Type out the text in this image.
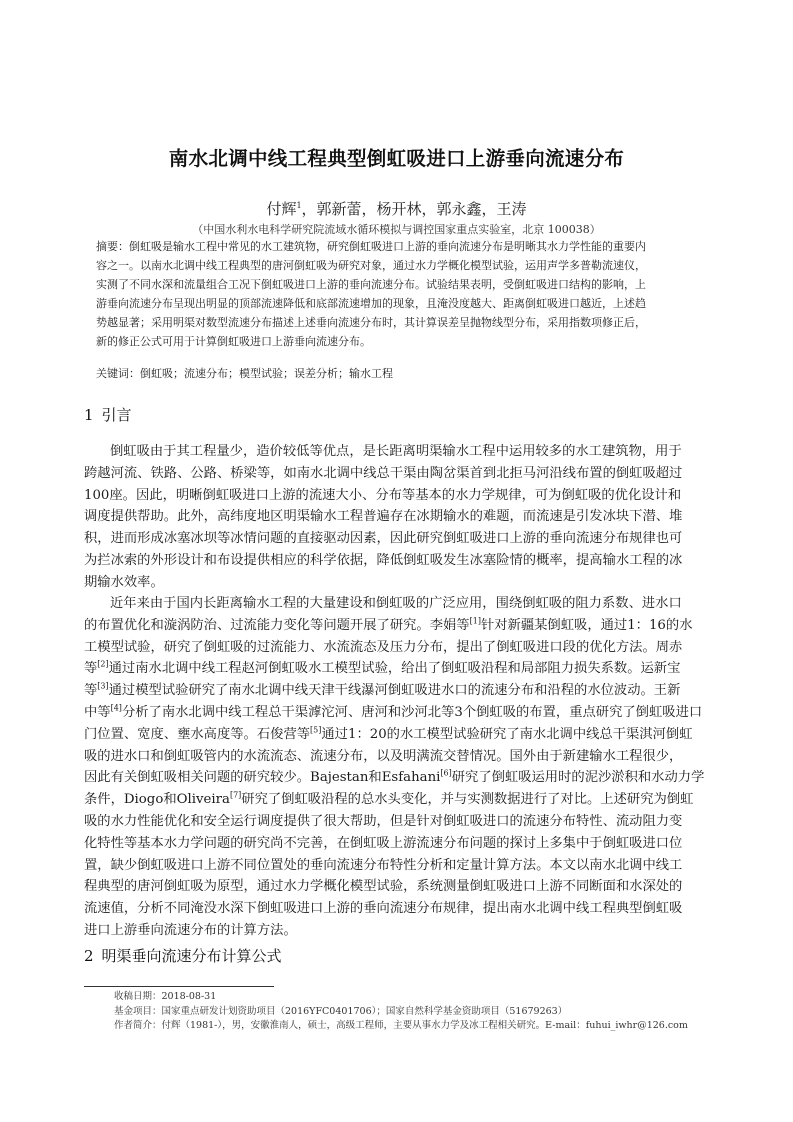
南水北调中线工程典型倒虹吸进口上游垂向流速分布
付辉$^1$，郭新蕾，杨开林，郭永鑫，王涛
（中国水利水电科学研究院流域水循环模拟与调控国家重点实验室，北京 100038）

摘要：倒虹吸是输水工程中常见的水工建筑物，研究倒虹吸进口上游的垂向流速分布是明晰其水力学性能的重要内

容之一。以南水北调中线工程典型的唐河倒虹吸为研究对象，通过水力学概化模型试验，运用声学多普勒流速仪，

实测了不同水深和流量组合工况下倒虹吸进口上游的垂向流速分布。试验结果表明，受倒虹吸进口结构的影响，上

游垂向流速分布呈现出明显的顶部流速降低和底部流速增加的现象，且淹没度越大、距离倒虹吸进口越近，上述趋

势越显著；采用明渠对数型流速分布描述上述垂向流速分布时，其计算误差呈抛物线型分布，采用指数项修正后，

新的修正公式可用于计算倒虹吸进口上游垂向流速分布。

关键词：倒虹吸；流速分布；模型试验；误差分析；输水工程
1 引言

倒虹吸由于其工程量少，造价较低等优点，是长距离明渠输水工程中运用较多的水工建筑物，用于

跨越河流、铁路、公路、桥梁等，如南水北调中线总干渠由陶岔渠首到北拒马河沿线布置的倒虹吸超过

100座。因此，明晰倒虹吸进口上游的流速大小、分布等基本的水力学规律，可为倒虹吸的优化设计和

调度提供帮助。此外，高纬度地区明渠输水工程普遍存在冰期输水的难题，而流速是引发冰块下潜、堆

积，进而形成冰塞冰坝等冰情问题的直接驱动因素，因此研究倒虹吸进口上游的垂向流速分布规律也可

为拦冰索的外形设计和布设提供相应的科学依据，降低倒虹吸发生冰塞险情的概率，提高输水工程的冰

期输水效率。

近年来由于国内长距离输水工程的大量建设和倒虹吸的广泛应用，围绕倒虹吸的阻力系数、进水口

的布置优化和漩涡防治、过流能力变化等问题开展了研究。李娟等[1]针对新疆某倒虹吸，通过1：16的水

工模型试验，研究了倒虹吸的过流能力、水流流态及压力分布，提出了倒虹吸进口段的优化方法。周赤

等[2]通过南水北调中线工程赵河倒虹吸水工模型试验，给出了倒虹吸沿程和局部阻力损失系数。运新宝

等[3]通过模型试验研究了南水北调中线天津干线瀑河倒虹吸进水口的流速分布和沿程的水位波动。王新

中等[4]分析了南水北调中线工程总干渠滹沱河、唐河和沙河北等3个倒虹吸的布置，重点研究了倒虹吸进口

门位置、宽度、壅水高度等。石俊营等[5]通过1：20的水工模型试验研究了南水北调中线总干渠淇河倒虹

吸的进水口和倒虹吸管内的水流流态、流速分布，以及明满流交替情况。国外由于新建输水工程很少，

因此有关倒虹吸相关问题的研究较少。Bajestan和Esfahani[6]研究了倒虹吸运用时的泥沙淤积和水动力学

条件，Diogo和Oliveira[7]研究了倒虹吸沿程的总水头变化，并与实测数据进行了对比。上述研究为倒虹

吸的水力性能优化和安全运行调度提供了很大帮助，但是针对倒虹吸进口的流速分布特性、流动阻力变

化特性等基本水力学问题的研究尚不完善，在倒虹吸上游流速分布问题的探讨上多集中于倒虹吸进口位

置，缺少倒虹吸进口上游不同位置处的垂向流速分布特性分析和定量计算方法。本文以南水北调中线工

程典型的唐河倒虹吸为原型，通过水力学概化模型试验，系统测量倒虹吸进口上游不同断面和水深处的

流速值，分析不同淹没水深下倒虹吸进口上游的垂向流速分布规律，提出南水北调中线工程典型倒虹吸

进口上游垂向流速分布的计算方法。

2 明渠垂向流速分布计算公式

收稿日期：2018-08-31

基金项目：国家重点研发计划资助项目（2016YFC0401706）；国家自然科学基金资助项目（51679263）

作者简介：付辉（1981-），男，安徽淮南人，硕士，高级工程师，主要从事水力学及冰工程相关研究。E-mail：fuhui_iwhr@126.com
